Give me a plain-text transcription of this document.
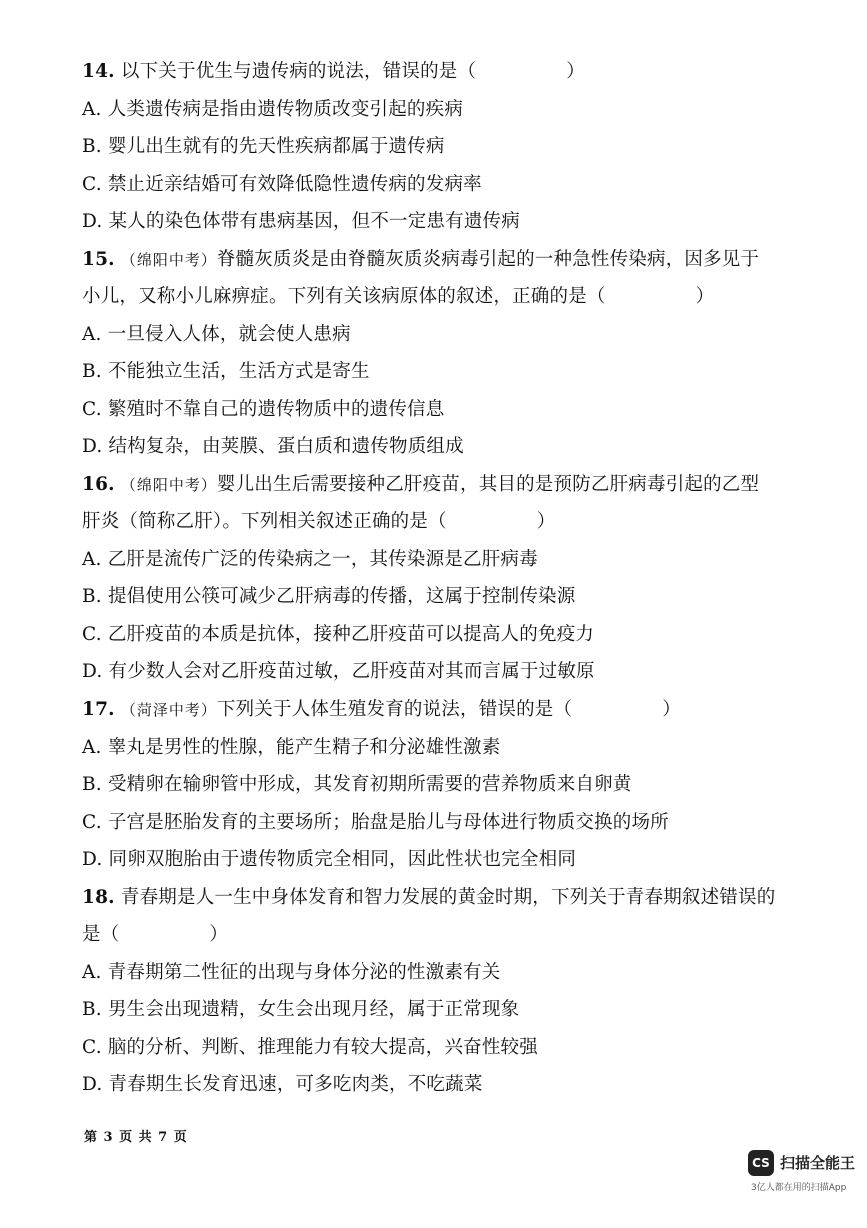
14. 以下关于优生与遗传病的说法，错误的是（	）
A. 人类遗传病是指由遗传物质改变引起的疾病
B. 婴儿出生就有的先天性疾病都属于遗传病
C. 禁止近亲结婚可有效降低隐性遗传病的发病率
D. 某人的染色体带有患病基因，但不一定患有遗传病
15. （绵阳中考）脊髓灰质炎是由脊髓灰质炎病毒引起的一种急性传染病，因多见于
小儿，又称小儿麻痹症。下列有关该病原体的叙述，正确的是（	）
A. 一旦侵入人体，就会使人患病
B. 不能独立生活，生活方式是寄生
C. 繁殖时不靠自己的遗传物质中的遗传信息
D. 结构复杂，由荚膜、蛋白质和遗传物质组成
16. （绵阳中考）婴儿出生后需要接种乙肝疫苗，其目的是预防乙肝病毒引起的乙型
肝炎（简称乙肝）。下列相关叙述正确的是（	）
A. 乙肝是流传广泛的传染病之一，其传染源是乙肝病毒
B. 提倡使用公筷可减少乙肝病毒的传播，这属于控制传染源
C. 乙肝疫苗的本质是抗体，接种乙肝疫苗可以提高人的免疫力
D. 有少数人会对乙肝疫苗过敏，乙肝疫苗对其而言属于过敏原
17. （菏泽中考）下列关于人体生殖发育的说法，错误的是（	）
A. 睾丸是男性的性腺，能产生精子和分泌雄性激素
B. 受精卵在输卵管中形成，其发育初期所需要的营养物质来自卵黄
C. 子宫是胚胎发育的主要场所；胎盘是胎儿与母体进行物质交换的场所
D. 同卵双胞胎由于遗传物质完全相同，因此性状也完全相同
18. 青春期是人一生中身体发育和智力发展的黄金时期，下列关于青春期叙述错误的
是（	）
A. 青春期第二性征的出现与身体分泌的性激素有关
B. 男生会出现遗精，女生会出现月经，属于正常现象
C. 脑的分析、判断、推理能力有较大提高，兴奋性较强
D. 青春期生长发育迅速，可多吃肉类，不吃蔬菜
第 3 页 共 7 页
CS 扫描全能王
3亿人都在用的扫描App
